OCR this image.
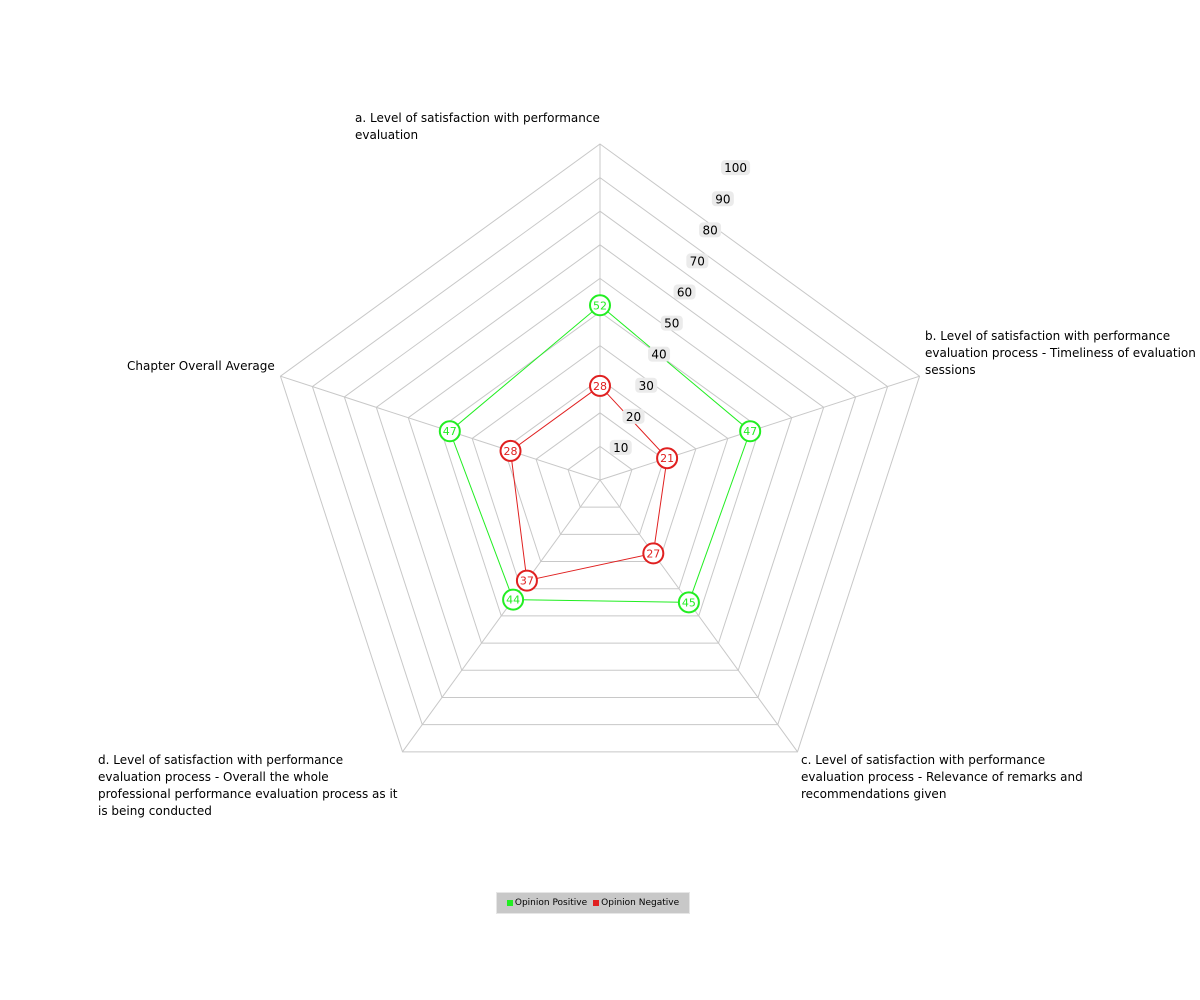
52
47
45
44
47
28
21
27
37
28	10
20
30
40
50
60
70
80
90
100
a. Level of satisfaction with performance evaluation
b. Level of satisfaction with performance evaluation process - Timeliness of evaluation sessions
c. Level of satisfaction with performance evaluation process - Relevance of remarks and recommendations given
d. Level of satisfaction with performance evaluation process - Overall the whole professional performance evaluation process as it is being conducted
Chapter Overall Average
Opinion Positive Opinion Negative
